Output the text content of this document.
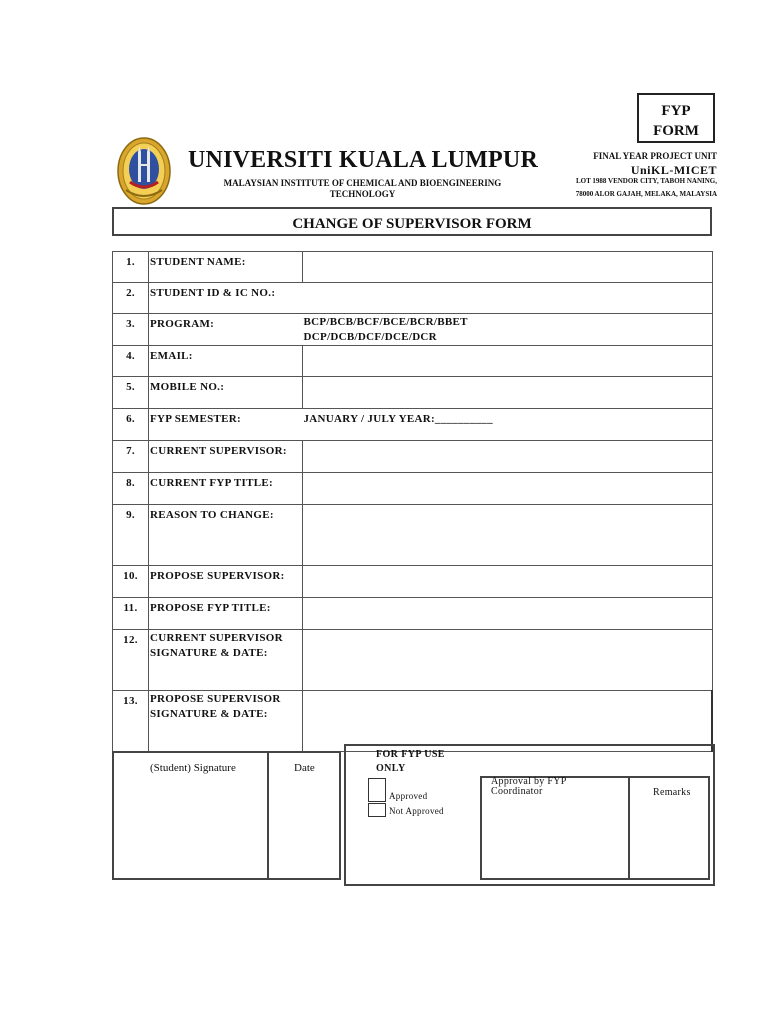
FYP
FORM
UNIVERSITI KUALA LUMPUR
MALAYSIAN INSTITUTE OF CHEMICAL AND BIOENGINEERING
TECHNOLOGY
FINAL YEAR PROJECT UNIT
UniKL-MICET
LOT 1988 VENDOR CITY, TABOH NANING,
78000 ALOR GAJAH, MELAKA, MALAYSIA
CHANGE OF SUPERVISOR FORM
1.	STUDENT NAME:	
2.	STUDENT ID & IC NO.:	
3.	PROGRAM:	BCP/BCB/BCF/BCE/BCR/BBET
DCP/DCB/DCF/DCE/DCR

4.	EMAIL:	
5.	MOBILE NO.:	
6.	FYP SEMESTER:	JANUARY / JULY YEAR:__________
7.	CURRENT SUPERVISOR:	
8.	CURRENT FYP TITLE:	
9.	REASON TO CHANGE:	
10.	PROPOSE SUPERVISOR:	
11.	PROPOSE FYP TITLE:	
12.	CURRENT SUPERVISOR
SIGNATURE & DATE:	

13.	PROPOSE SUPERVISOR
SIGNATURE & DATE:	

(Student) Signature	Date
FOR FYP USE
ONLY
Approved
Not Approved
Approval by FYP
Coordinator	Remarks
